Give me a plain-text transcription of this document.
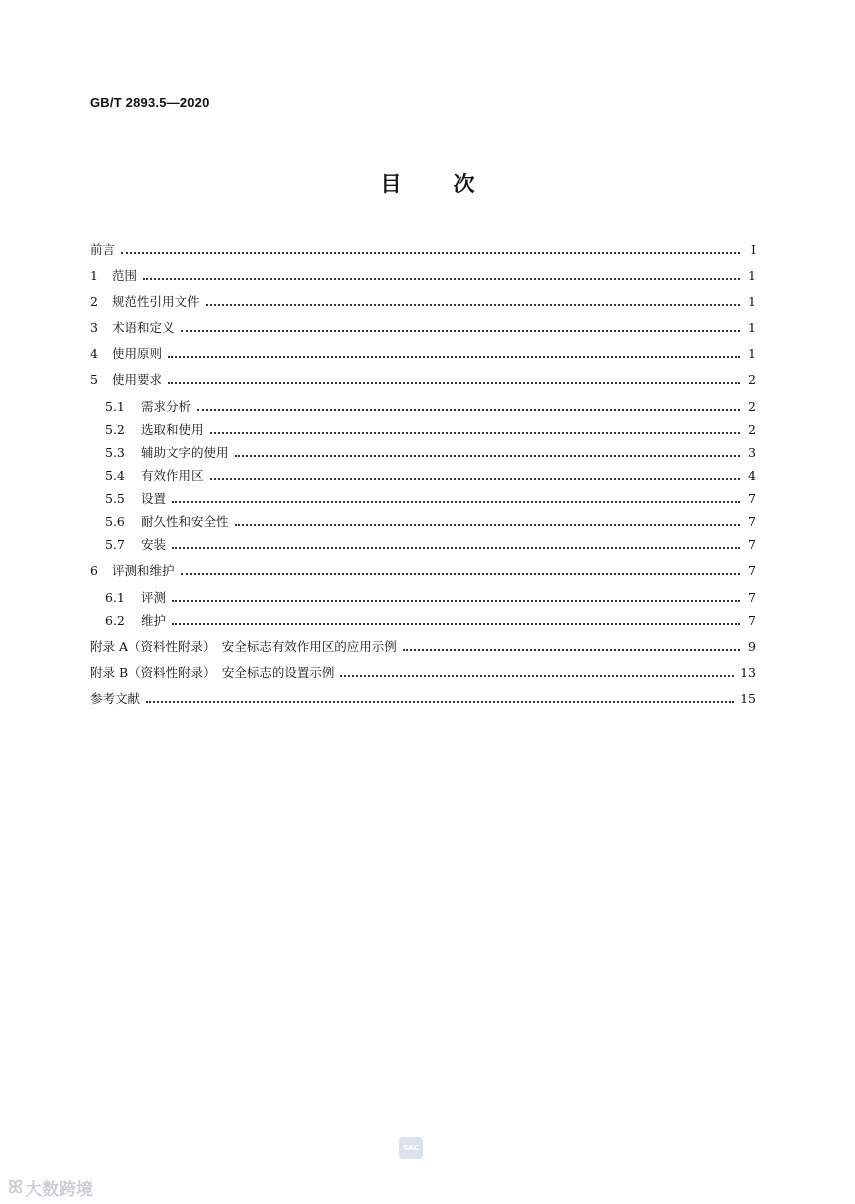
GB/T 2893.5—2020
目 次
前言	Ⅰ
1	范围	1
2	规范性引用文件	1
3	术语和定义	1
4	使用原则	1
5	使用要求	2
5.1	需求分析	2
5.2	选取和使用	2
5.3	辅助文字的使用	3
5.4	有效作用区	4
5.5	设置	7
5.6	耐久性和安全性	7
5.7	安装	7
6	评测和维护	7
6.1	评测	7
6.2	维护	7
附录 A（资料性附录）　安全标志有效作用区的应用示例	9
附录 B（资料性附录）　安全标志的设置示例	13
参考文献	15
SAC
ꕤ 大数跨境
